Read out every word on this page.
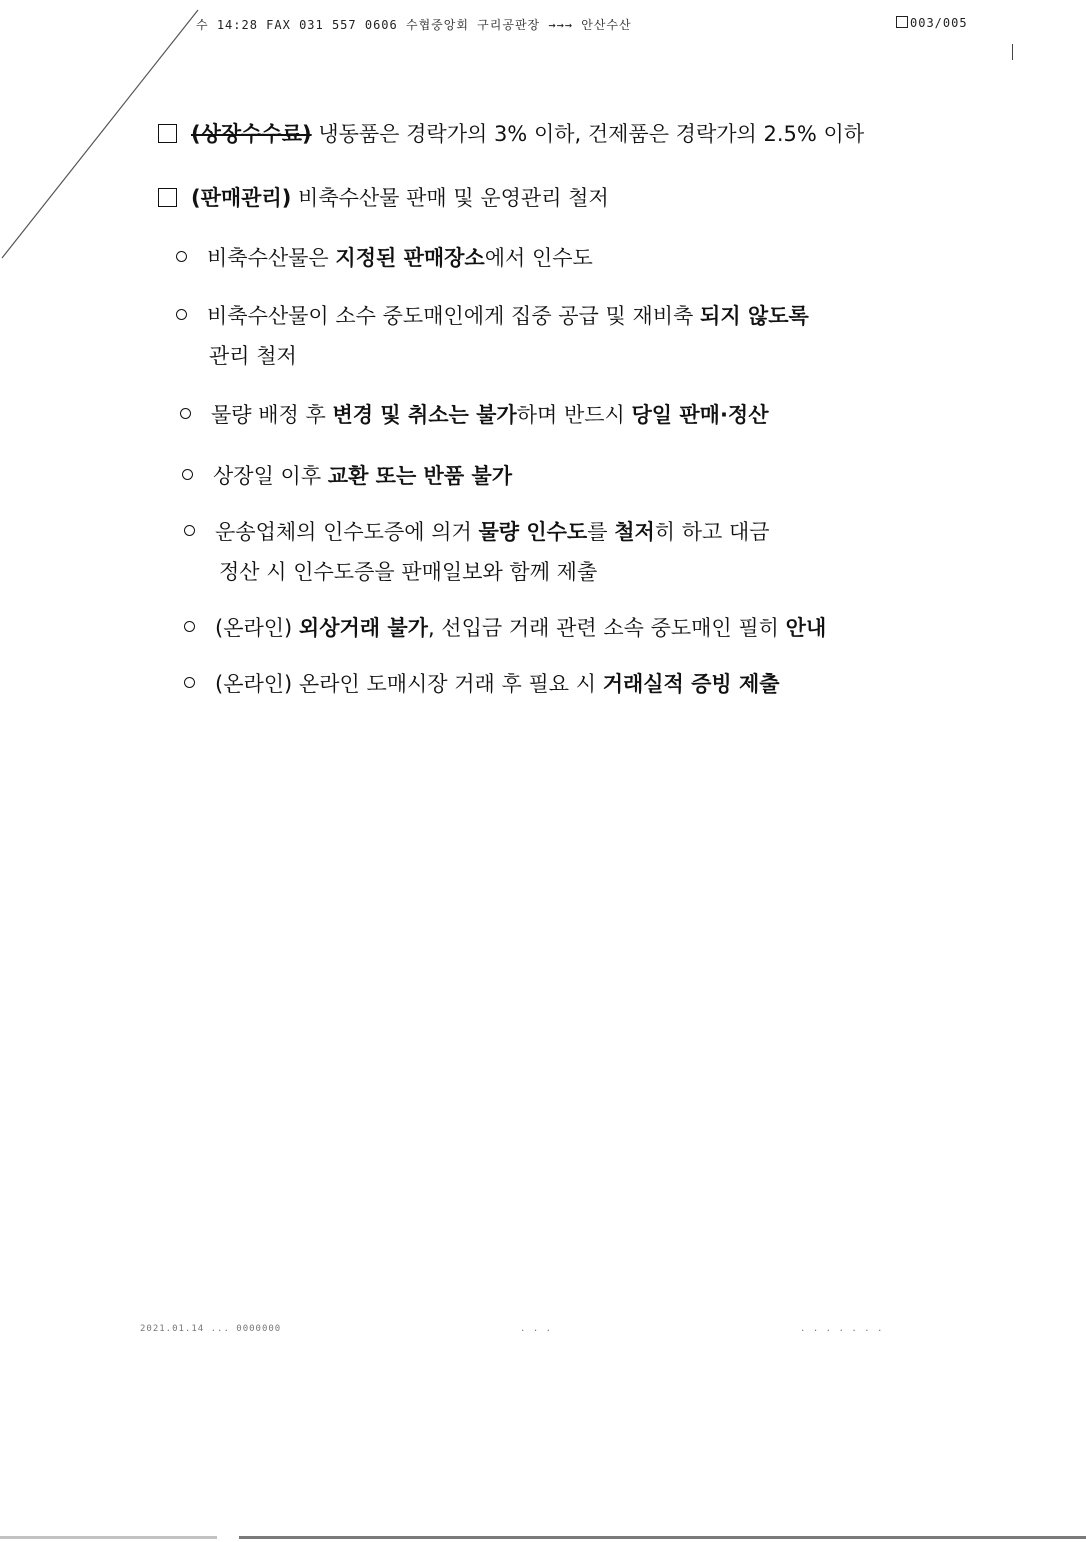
수 14:28 FAX 031 557 0606 수협중앙회 구리공판장 →→→ 안산수산	003/005
(상장수수료) 냉동품은 경락가의 3% 이하, 건제품은 경락가의 2.5% 이하
(판매관리) 비축수산물 판매 및 운영관리 철저
비축수산물은 지정된 판매장소에서 인수도
비축수산물이 소수 중도매인에게 집중 공급 및 재비축 되지 않도록
관리 철저
물량 배정 후 변경 및 취소는 불가하며 반드시 당일 판매·정산
상장일 이후 교환 또는 반품 불가
운송업체의 인수도증에 의거 물량 인수도를 철저히 하고 대금
정산 시 인수도증을 판매일보와 함께 제출
(온라인) 외상거래 불가, 선입금 거래 관련 소속 중도매인 필히 안내
(온라인) 온라인 도매시장 거래 후 필요 시 거래실적 증빙 제출
2021.01.14 ... 0000000	. . .	. . . . . . .
